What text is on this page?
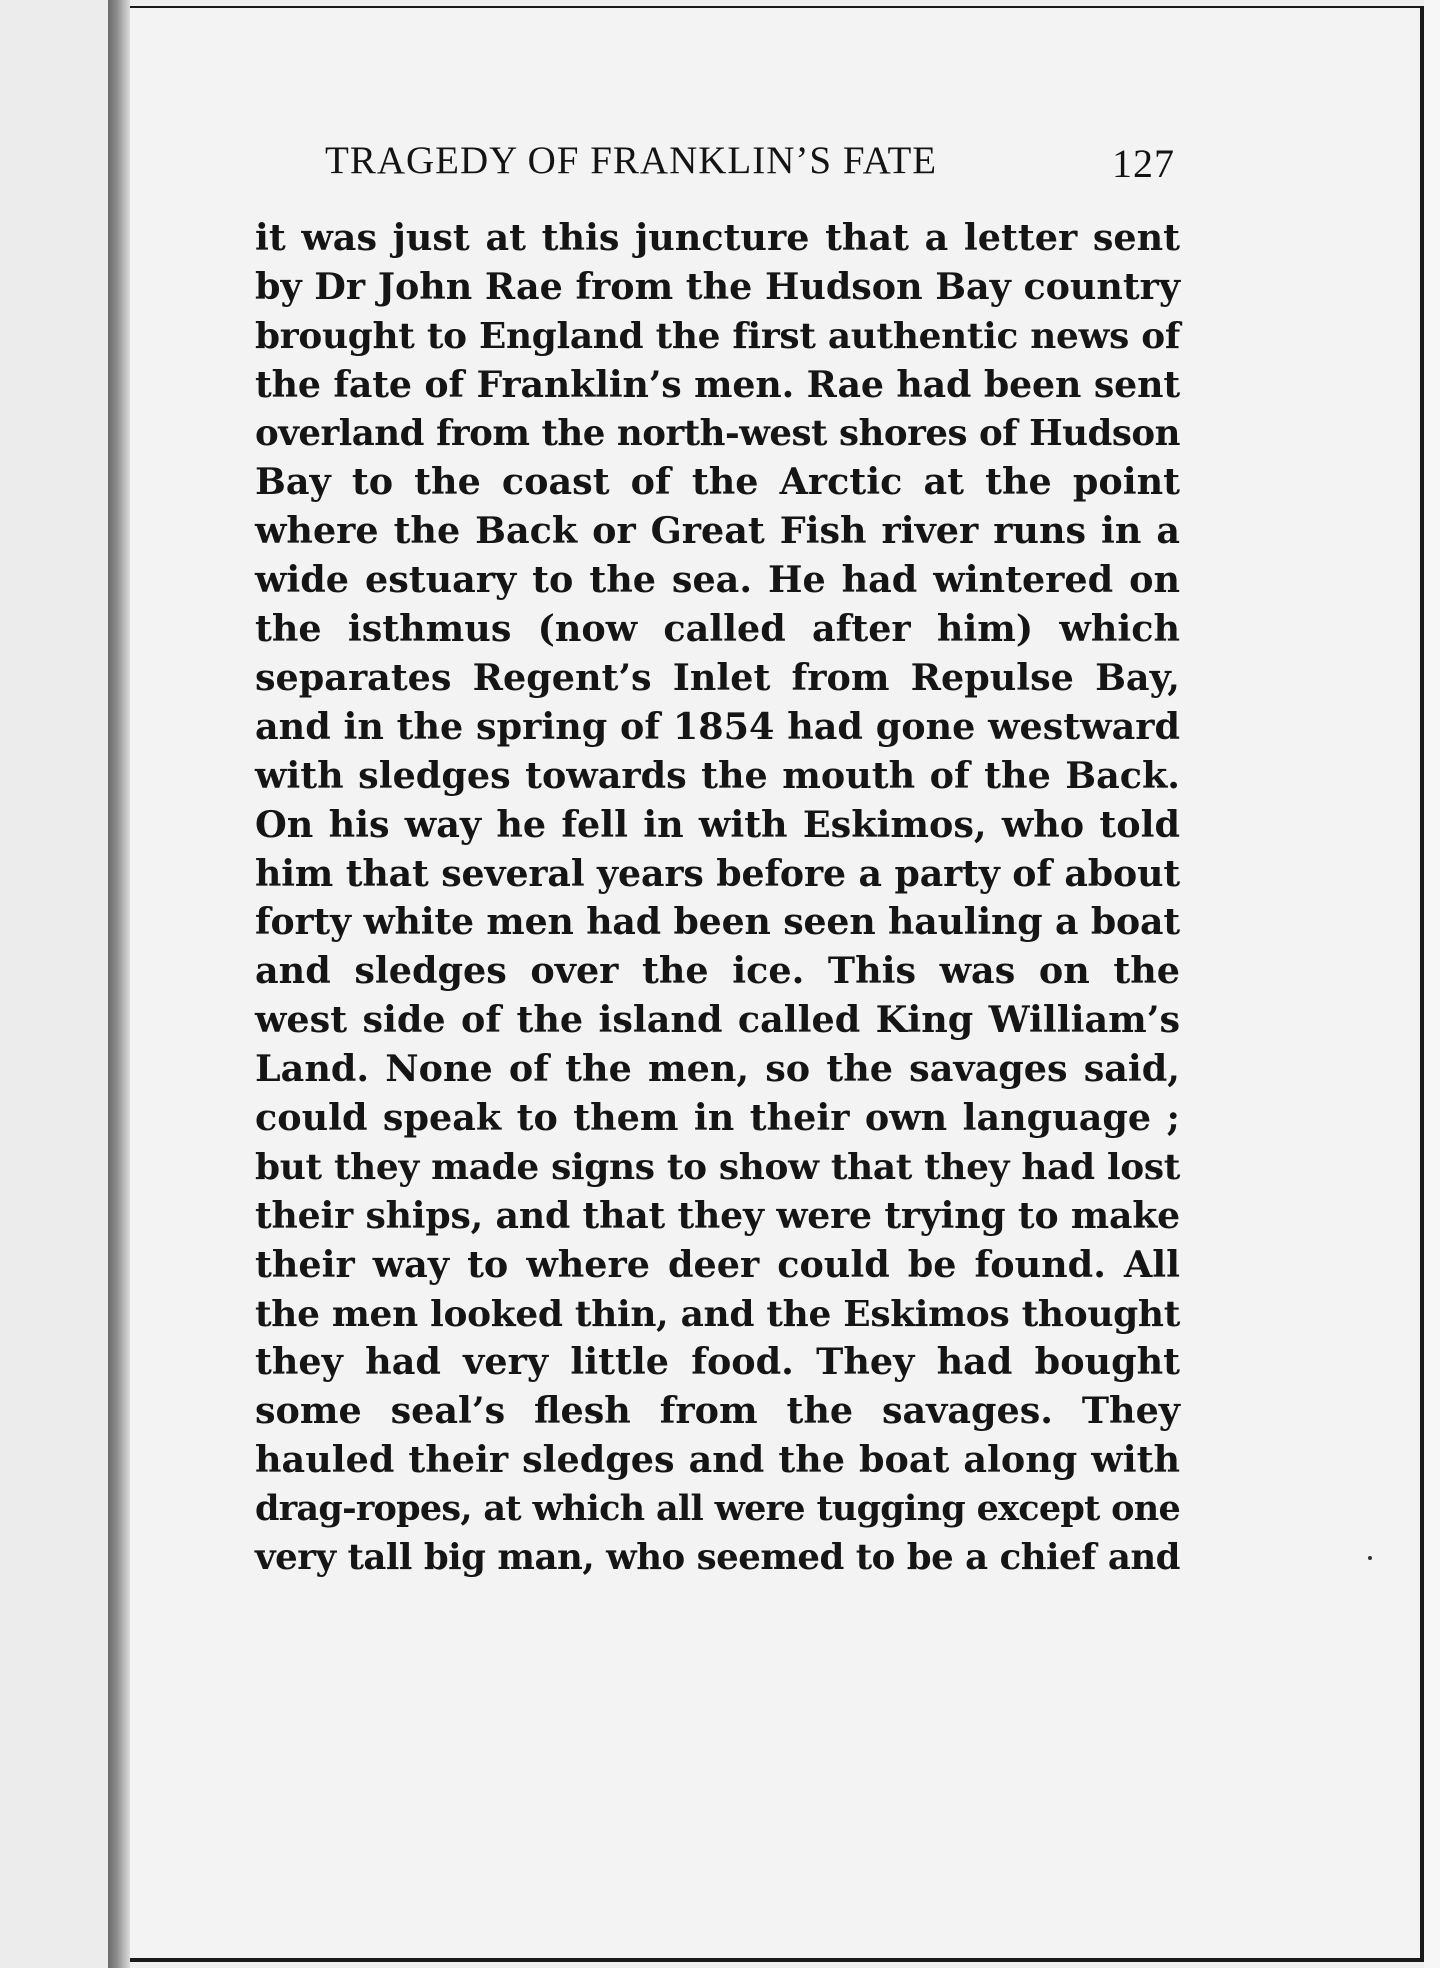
TRAGEDY OF FRANKLIN’S FATE	127
it was just at this juncture that a letter sent
by Dr John Rae from the Hudson Bay country
brought to England the first authentic news of
the fate of Franklin’s men. Rae had been sent
overland from the north-west shores of Hudson
Bay to the coast of the Arctic at the point
where the Back or Great Fish river runs in a
wide estuary to the sea. He had wintered on
the isthmus (now called after him) which
separates Regent’s Inlet from Repulse Bay,
and in the spring of 1854 had gone westward
with sledges towards the mouth of the Back.
On his way he fell in with Eskimos, who told
him that several years before a party of about
forty white men had been seen hauling a boat
and sledges over the ice. This was on the
west side of the island called King William’s
Land. None of the men, so the savages said,
could speak to them in their own language ;
but they made signs to show that they had lost
their ships, and that they were trying to make
their way to where deer could be found. All
the men looked thin, and the Eskimos thought
they had very little food. They had bought
some seal’s flesh from the savages. They
hauled their sledges and the boat along with
drag-ropes, at which all were tugging except one
very tall big man, who seemed to be a chief and
